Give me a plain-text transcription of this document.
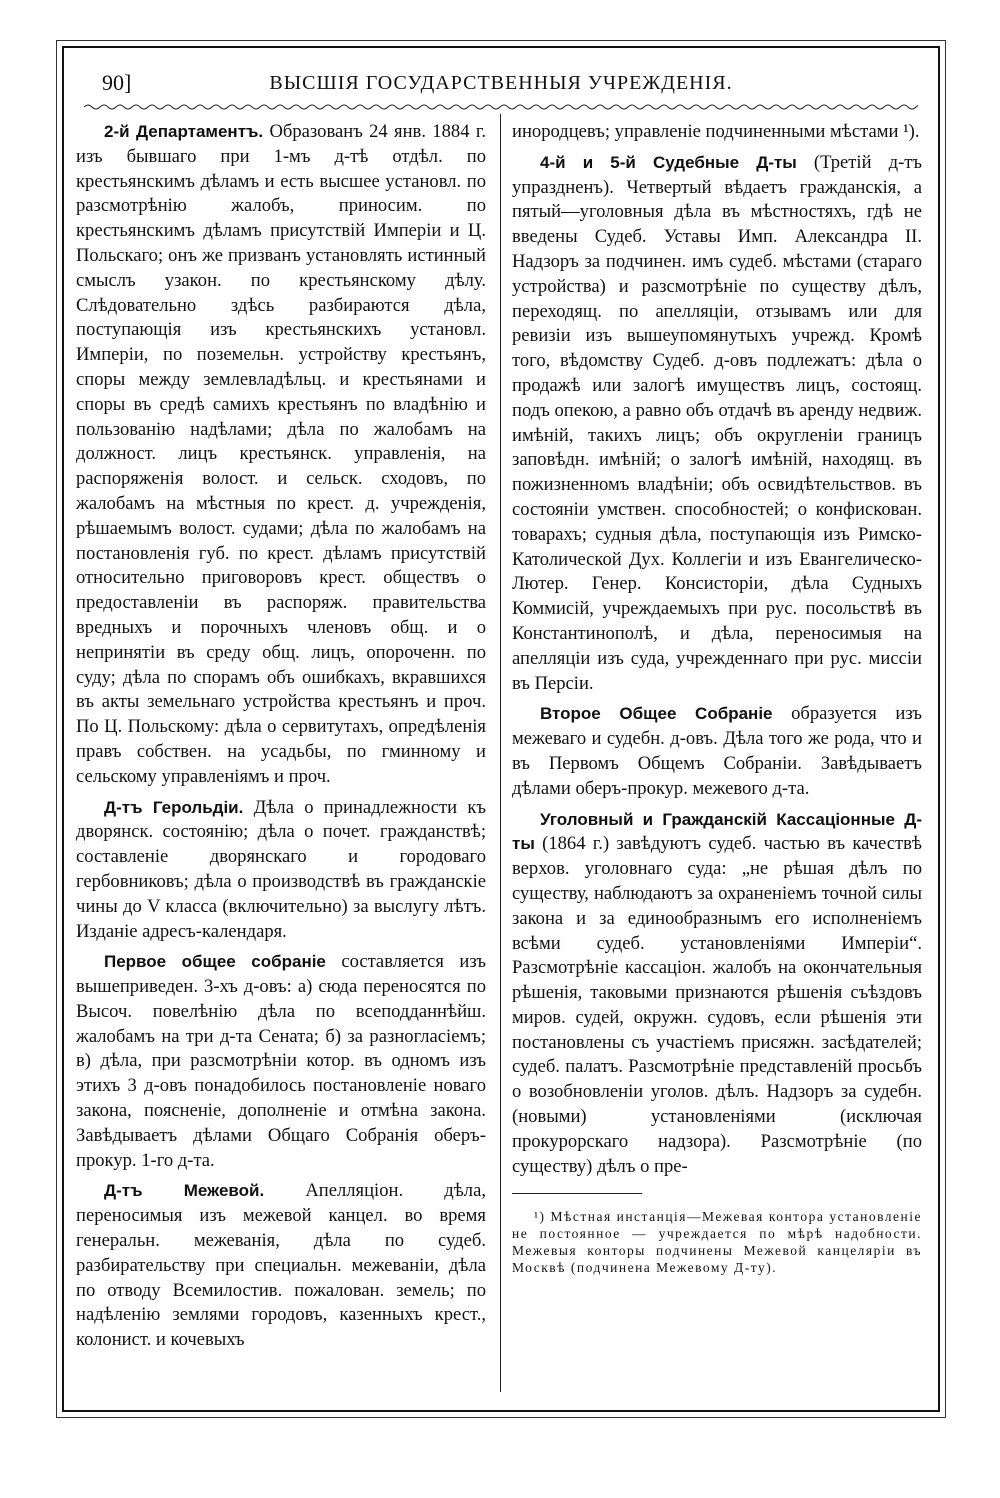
90]	ВЫСШІЯ ГОСУДАРСТВЕННЫЯ УЧРЕЖДЕНІЯ.

2-й Департаментъ. Образованъ 24 янв. 1884 г. изъ бывшаго при 1-мъ д-тѣ отдѣл. по крестьянскимъ дѣламъ и есть высшее установл. по разсмотрѣнію жалобъ, приносим. по крестьянскимъ дѣламъ присутствій Имперіи и Ц. Польскаго; онъ же призванъ установлять истинный смыслъ узакон. по крестьянскому дѣлу. Слѣдовательно здѣсь разбираются дѣла, поступающія изъ крестьянскихъ установл. Имперіи, по поземельн. устройству крестьянъ, споры между землевладѣльц. и крестьянами и споры въ средѣ самихъ крестьянъ по владѣнію и пользованію надѣлами; дѣла по жалобамъ на должност. лицъ крестьянск. управленія, на распоряженія волост. и сельск. сходовъ, по жалобамъ на мѣстныя по крест. д. учрежденія, рѣшаемымъ волост. судами; дѣла по жалобамъ на постановленія губ. по крест. дѣламъ присутствій относительно приговоровъ крест. обществъ о предоставленіи въ распоряж. правительства вредныхъ и порочныхъ членовъ общ. и о непринятіи въ среду общ. лицъ, опороченн. по суду; дѣла по спорамъ объ ошибкахъ, вкравшихся въ акты земельнаго устройства крестьянъ и проч. По Ц. Польскому: дѣла о сервитутахъ, опредѣленія правъ собствен. на усадьбы, по гминному и сельскому управленіямъ и проч.

Д-тъ Герольдіи. Дѣла о принадлежности къ дворянск. состоянію; дѣла о почет. гражданствѣ; составленіе дворянскаго и городоваго гербовниковъ; дѣла о производствѣ въ гражданскіе чины до V класса (включительно) за выслугу лѣтъ. Изданіе адресъ-календаря.

Первое общее собраніе составляется изъ вышеприведен. 3-хъ д-овъ: а) сюда переносятся по Высоч. повелѣнію дѣла по всеподданнѣйш. жалобамъ на три д-та Сената; б) за разногласіемъ; в) дѣла, при разсмотрѣніи котор. въ одномъ изъ этихъ 3 д-овъ понадобилось постановленіе новаго закона, поясненіе, дополненіе и отмѣна закона. Завѣдываетъ дѣлами Общаго Собранія оберъ-прокур. 1-го д-та.

Д-тъ Межевой. Апелляціон. дѣла, переносимыя изъ межевой канцел. во время генеральн. межеванія, дѣла по судеб. разбирательству при специальн. межеваніи, дѣла по отводу Всемилостив. пожалован. земель; по надѣленію землями городовъ, казенныхъ крест., колонист. и кочевыхъ

инородцевъ; управленіе подчиненными мѣстами ¹).

4-й и 5-й Судебные Д-ты (Третій д-тъ упраздненъ). Четвертый вѣдаетъ гражданскія, а пятый—уголовныя дѣла въ мѣстностяхъ, гдѣ не введены Судеб. Уставы Имп. Александра II. Надзоръ за подчинен. имъ судеб. мѣстами (стараго устройства) и разсмотрѣніе по существу дѣлъ, переходящ. по апелляціи, отзывамъ или для ревизіи изъ вышеупомянутыхъ учрежд. Кромѣ того, вѣдомству Судеб. д-овъ подлежатъ: дѣла о продажѣ или залогѣ имуществъ лицъ, состоящ. подъ опекою, а равно объ отдачѣ въ аренду недвиж. имѣній, такихъ лицъ; объ округленіи границъ заповѣдн. имѣній; о залогѣ имѣній, находящ. въ пожизненномъ владѣніи; объ освидѣтельствов. въ состояніи умствен. способностей; о конфискован. товарахъ; судныя дѣла, поступающія изъ Римско-Католической Дух. Коллегіи и изъ Евангелическо-Лютер. Генер. Консисторіи, дѣла Судныхъ Коммисій, учреждаемыхъ при рус. посольствѣ въ Константинополѣ, и дѣла, переносимыя на апелляціи изъ суда, учрежденнаго при рус. миссіи въ Персіи.

Второе Общее Собраніе образуется изъ межеваго и судебн. д-овъ. Дѣла того же рода, что и въ Первомъ Общемъ Собраніи. Завѣдываетъ дѣлами оберъ-прокур. межевого д-та.

Уголовный и Гражданскій Кассаціонные Д-ты (1864 г.) завѣдуютъ судеб. частью въ качествѣ верхов. уголовнаго суда: „не рѣшая дѣлъ по существу, наблюдаютъ за охраненіемъ точной силы закона и за единообразнымъ его исполненіемъ всѣми судеб. установленіями Имперіи“. Разсмотрѣніе кассаціон. жалобъ на окончательныя рѣшенія, таковыми признаются рѣшенія съѣздовъ миров. судей, окружн. судовъ, если рѣшенія эти постановлены съ участіемъ присяжн. засѣдателей; судеб. палатъ. Разсмотрѣніе представленій просьбъ о возобновленіи уголов. дѣлъ. Надзоръ за судебн. (новыми) установленіями (исключая прокурорскаго надзора). Разсмотрѣніе (по существу) дѣлъ о пре-

¹) Мѣстная инстанція—Межевая контора установленіе не постоянное — учреждается по мѣрѣ надобности. Межевыя конторы подчинены Межевой канцеляріи въ Москвѣ (подчинена Межевому Д-ту).
